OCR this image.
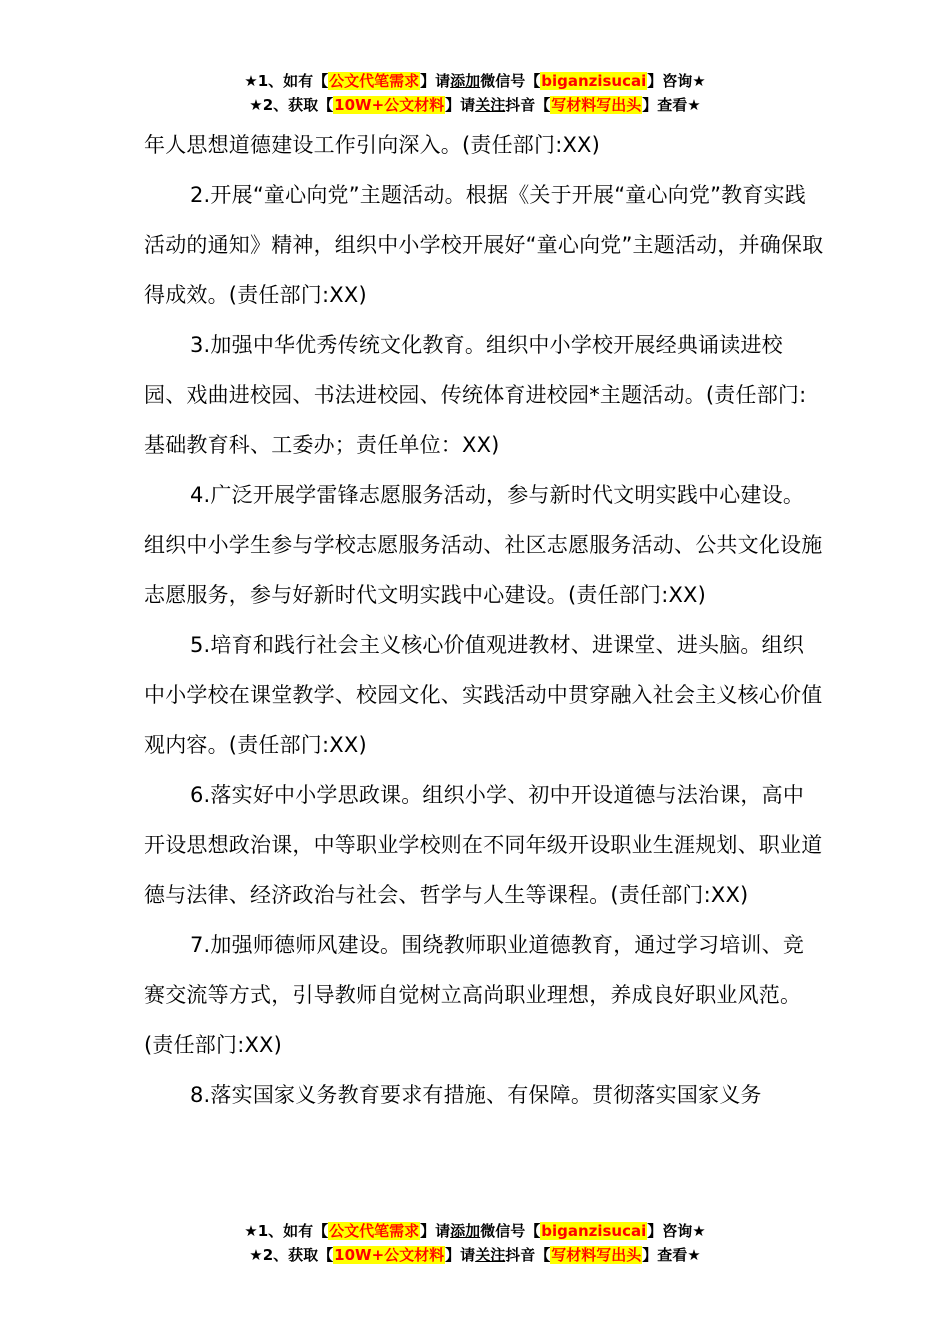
★1、如有【公文代笔需求】请添加微信号【biganzisucai】咨询★
★2、获取【10W+公文材料】请关注抖音【写材料写出头】查看★

年人思想道德建设工作引向深入。(责任部门:XX)

2.开展“童心向党”主题活动。根据《关于开展“童心向党”教育实践活动的通知》精神，组织中小学校开展好“童心向党”主题活动，并确保取得成效。(责任部门:XX)

3.加强中华优秀传统文化教育。组织中小学校开展经典诵读进校园、戏曲进校园、书法进校园、传统体育进校园*主题活动。(责任部门:基础教育科、工委办；责任单位：XX)

4.广泛开展学雷锋志愿服务活动，参与新时代文明实践中心建设。组织中小学生参与学校志愿服务活动、社区志愿服务活动、公共文化设施志愿服务，参与好新时代文明实践中心建设。(责任部门:XX)

5.培育和践行社会主义核心价值观进教材、进课堂、进头脑。组织中小学校在课堂教学、校园文化、实践活动中贯穿融入社会主义核心价值观内容。(责任部门:XX)

6.落实好中小学思政课。组织小学、初中开设道德与法治课，高中开设思想政治课，中等职业学校则在不同年级开设职业生涯规划、职业道德与法律、经济政治与社会、哲学与人生等课程。(责任部门:XX)

7.加强师德师风建设。围绕教师职业道德教育，通过学习培训、竞赛交流等方式，引导教师自觉树立高尚职业理想，养成良好职业风范。(责任部门:XX)

8.落实国家义务教育要求有措施、有保障。贯彻落实国家义务

★1、如有【公文代笔需求】请添加微信号【biganzisucai】咨询★
★2、获取【10W+公文材料】请关注抖音【写材料写出头】查看★
